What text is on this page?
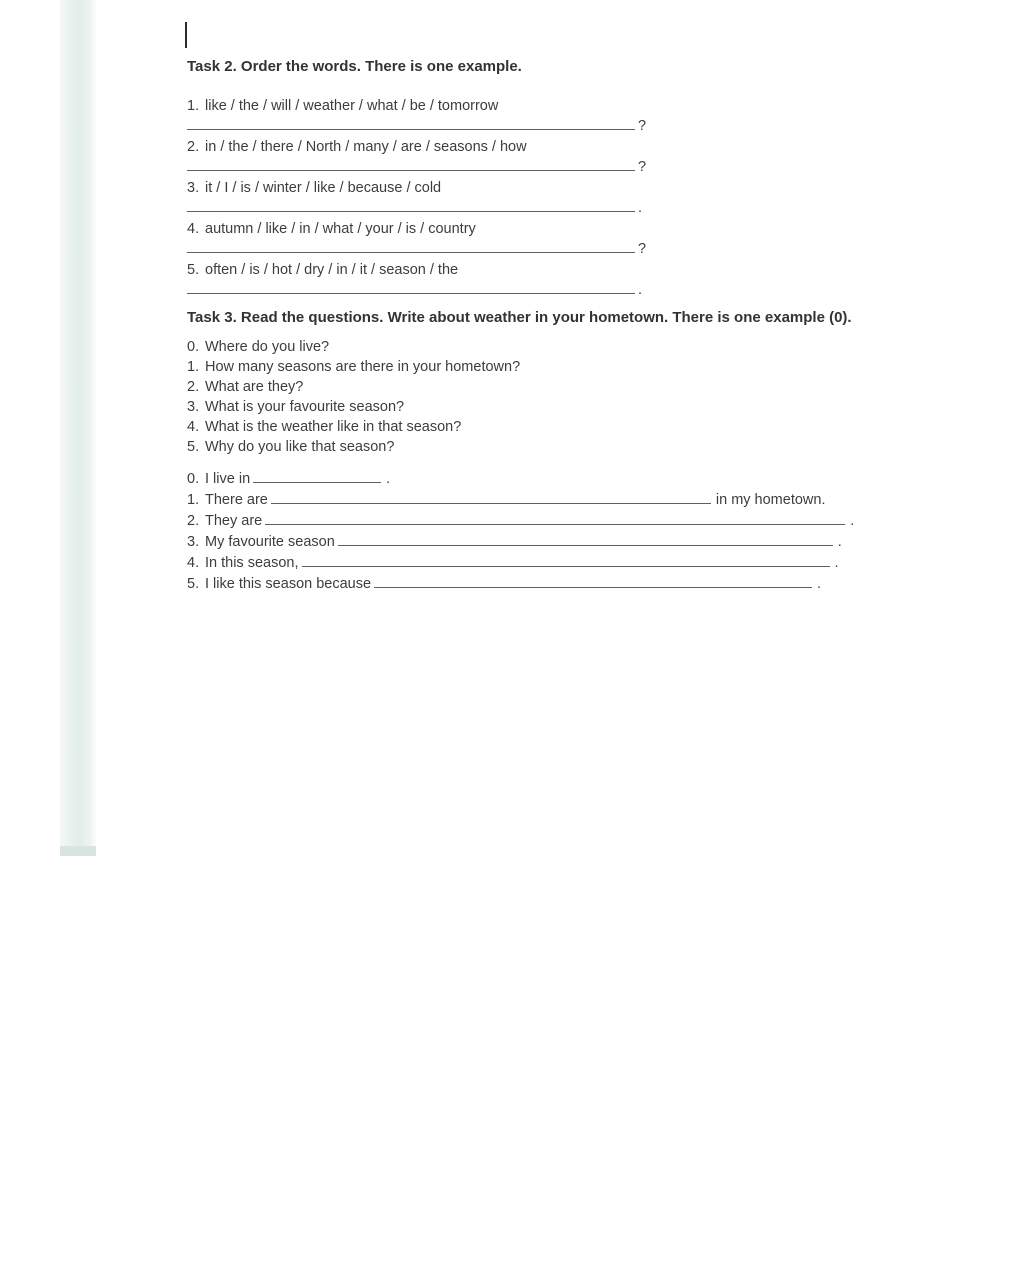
Task 2. Order the words. There is one example.
1. like / the / will / weather / what / be / tomorrow
?
2. in / the / there / North / many / are / seasons / how
?
3. it / I / is / winter / like / because / cold
.
4. autumn / like / in / what / your / is / country
?
5. often / is / hot / dry / in / it / season / the
.
Task 3. Read the questions. Write about weather in your hometown. There is one example (0).
0. Where do you live?
1. How many seasons are there in your hometown?
2. What are they?
3. What is your favourite season?
4. What is the weather like in that season?
5. Why do you like that season?
0. I live in	.
1. There are	in my hometown.
2. They are	.
3. My favourite season	.
4. In this season,	.
5. I like this season because	.
